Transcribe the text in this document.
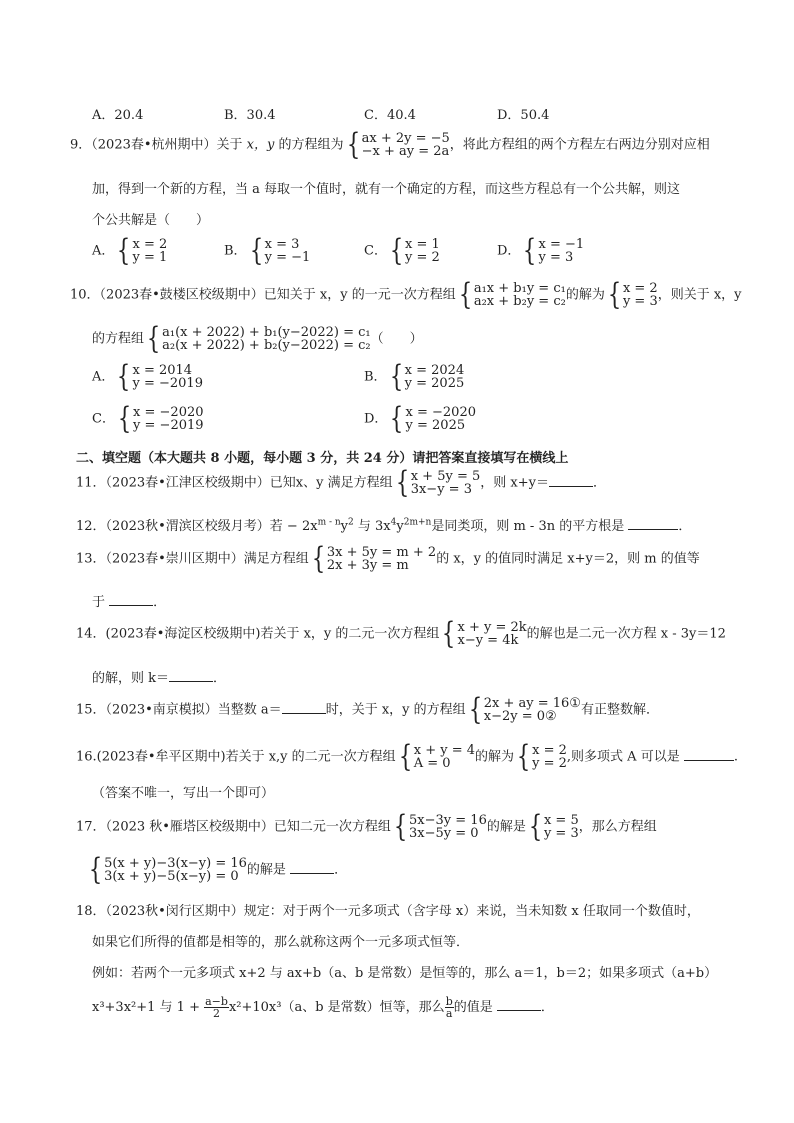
A．20.4	B．30.4	C．40.4	D．50.4
9．（2023春•杭州期中）关于 x，y 的方程组为 { ax + 2y = −5
−x + ay = 2a ，将此方程组的两个方程左右两边分别对应相
加，得到一个新的方程，当 a 每取一个值时，就有一个确定的方程，而这些方程总有一个公共解，则这
个公共解是（　　）
A． { x = 2
y = 1	B． { x = 3
y = −1	C． { x = 1
y = 2	D． { x = −1
y = 3
10．（2023春•鼓楼区校级期中）已知关于 x，y 的一元一次方程组 { a₁x + b₁y = c₁
a₂x + b₂y = c₂ 的解为 { x = 2
y = 3 ，则关于 x，y
的方程组 { a₁(x + 2022) + b₁(y−2022) = c₁
a₂(x + 2022) + b₂(y−2022) = c₂ （　　）
A． { x = 2014
y = −2019	B． { x = 2024
y = 2025
C． { x = −2020
y = −2019	D． { x = −2020
y = 2025
二、填空题（本大题共 8 小题，每小题 3 分，共 24 分）请把答案直接填写在横线上
11．（2023春•江津区校级期中）已知x、y 满足方程组 { x + 5y = 5
3x−y = 3 ，则 x+y＝	．
12．（2023秋•渭滨区校级月考）若 − $2x^{m - n}y^2$ 与 $3x^4y^{2m+n}$是同类项，则 m - 3n 的平方根是	．
13．（2023春•崇川区期中）满足方程组 { 3x + 5y = m + 2
2x + 3y = m	的 x，y 的值同时满足 x+y＝2，则 m 的值等
于	．
14．(2023春•海淀区校级期中)若关于 x，y 的二元一次方程组 { x + y = 2k
x−y = 4k 的解也是二元一次方程 x - 3y＝12
的解，则 k＝	．
15．（2023•南京模拟）当整数 a＝	时，关于 x，y 的方程组 { 2x + ay = 16①
x−2y = 0②	有正整数解．
16.(2023春•牟平区期中)若关于 x,y 的二元一次方程组 { x + y = 4
A = 0	的解为 { x = 2
y = 2 ,则多项式 A 可以是	.
（答案不唯一，写出一个即可）
17．（2023 秋•雁塔区校级期中）已知二元一次方程组 { 5x−3y = 16
3x−5y = 0 的解是 { x = 5
y = 3 ，那么方程组
{ 5(x + y)−3(x−y) = 16
3(x + y)−5(x−y) = 0 的解是	．
18．（2023秋•闵行区期中）规定：对于两个一元多项式（含字母 x）来说，当未知数 x 任取同一个数值时，
如果它们所得的值都是相等的，那么就称这两个一元多项式恒等．
例如：若两个一元多项式 x+2 与 ax+b（a、b 是常数）是恒等的，那么 a＝1，b＝2；如果多项式（a+b）
x³+3x²+1 与 $1 + \frac{a-b}{2} x^2+10x^3(a$、b 是常数）恒等，那么 $\frac{b}{a}$ 的值是	．
